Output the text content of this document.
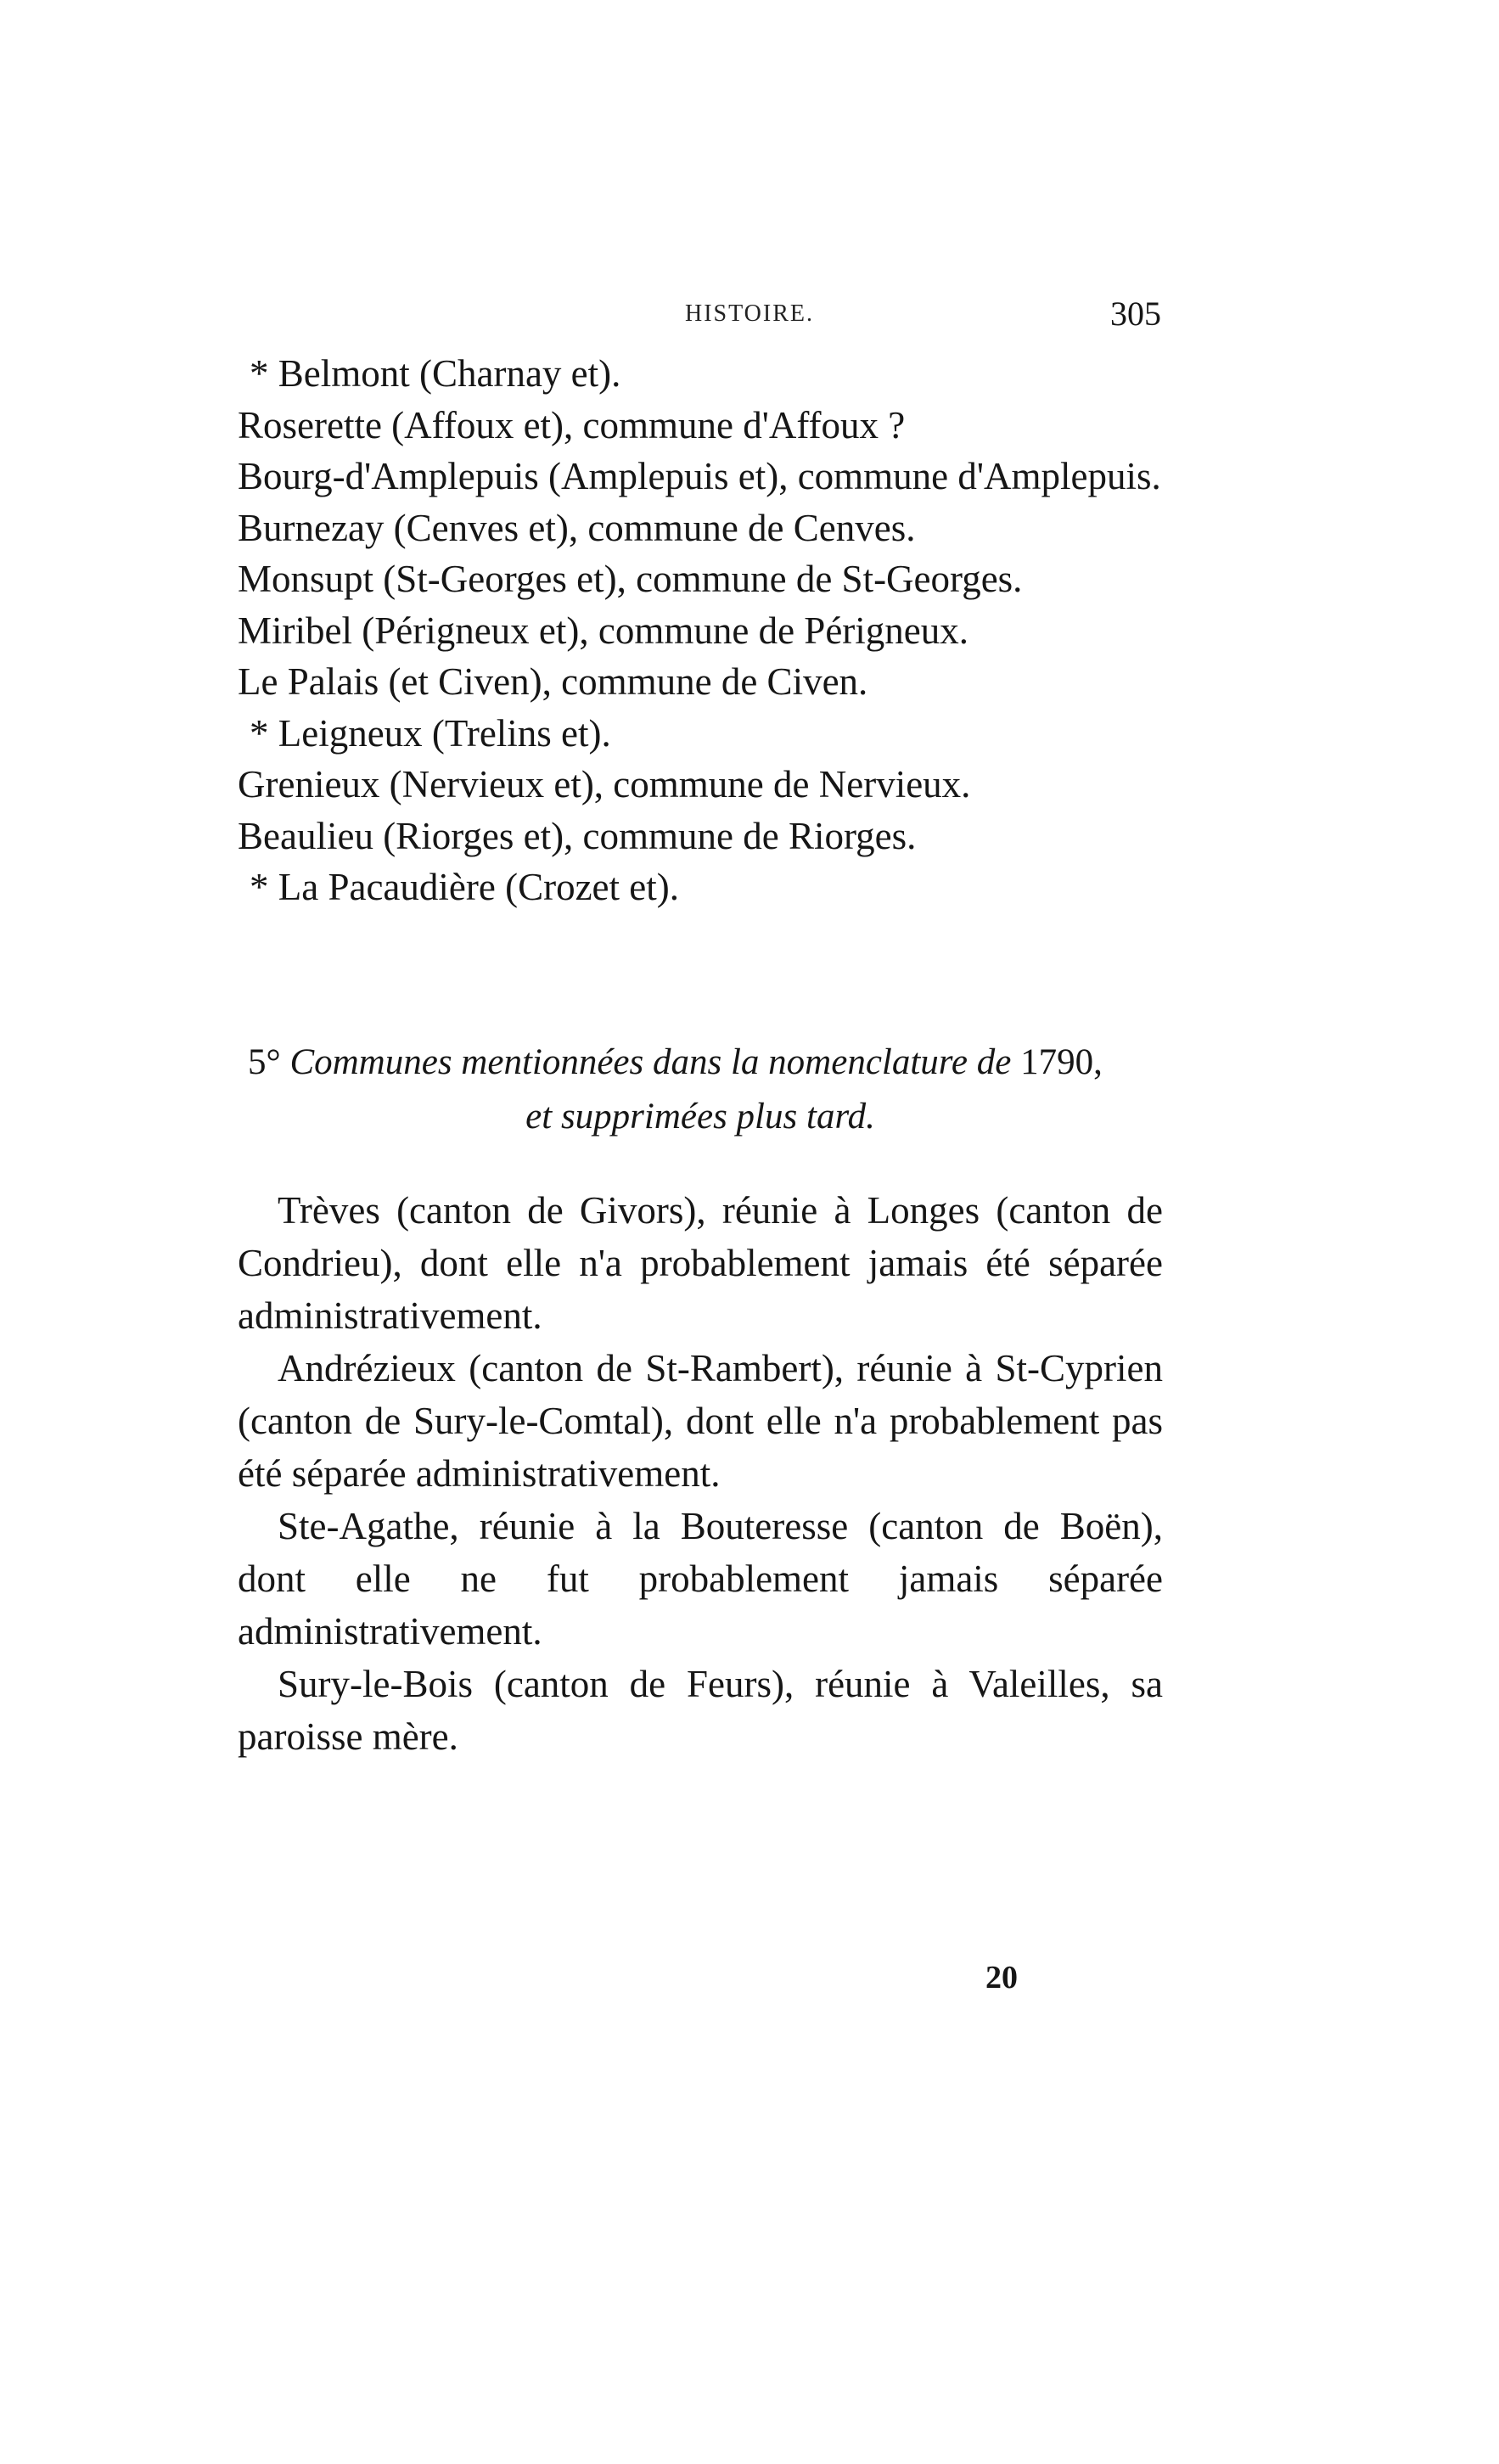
HISTOIRE.	305
* Belmont (Charnay et).
Roserette (Affoux et), commune d'Affoux ?
Bourg-d'Amplepuis (Amplepuis et), commune d'Amplepuis.
Burnezay (Cenves et), commune de Cenves.
Monsupt (St-Georges et), commune de St-Georges.
Miribel (Périgneux et), commune de Périgneux.
Le Palais (et Civen), commune de Civen.
* Leigneux (Trelins et).
Grenieux (Nervieux et), commune de Nervieux.
Beaulieu (Riorges et), commune de Riorges.
* La Pacaudière (Crozet et).
5° Communes mentionnées dans la nomenclature de 1790,
et supprimées plus tard.

Trèves (canton de Givors), réunie à Longes (canton de Condrieu), dont elle n'a probablement jamais été séparée administrativement.

Andrézieux (canton de St-Rambert), réunie à St-Cyprien (canton de Sury-le-Comtal), dont elle n'a probablement pas été séparée administrativement.

Ste-Agathe, réunie à la Bouteresse (canton de Boën), dont elle ne fut probablement jamais séparée administrativement.

Sury-le-Bois (canton de Feurs), réunie à Valeilles, sa paroisse mère.

20
